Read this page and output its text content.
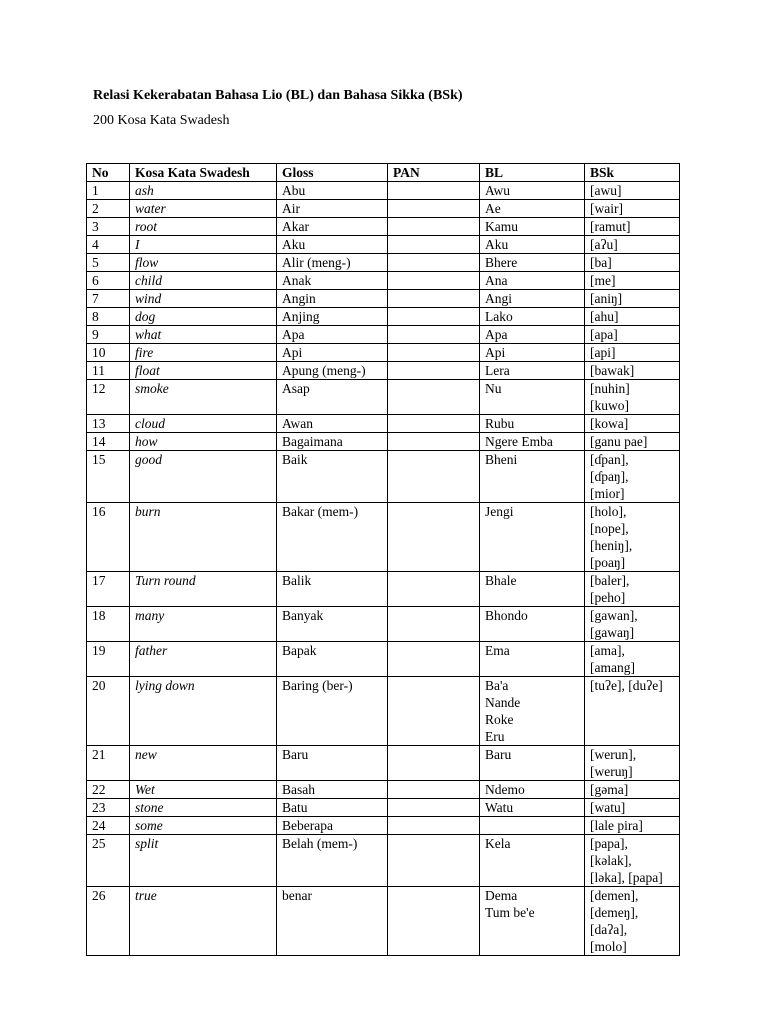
Relasi Kekerabatan Bahasa Lio (BL) dan Bahasa Sikka (BSk)

200 Kosa Kata Swadesh

No	Kosa Kata Swadesh	Gloss	PAN	BL	BSk
1	ash	Abu		Awu	[awu]

2	water	Air		Ae	[wair]

3	root	Akar		Kamu	[ramut]

4	I	Aku		Aku	[aʔu]

5	flow	Alir (meng-)		Bhere	[ba]

6	child	Anak		Ana	[me]

7	wind	Angin		Angi	[aniŋ]

8	dog	Anjing		Lako	[ahu]

9	what	Apa		Apa	[apa]

10	fire	Api		Api	[api]

11	float	Apung (meng-)		Lera	[bawak]

12	smoke	Asap		Nu	[nuhin]
[kuwo]

13	cloud	Awan		Rubu	[kowa]

14	how	Bagaimana		Ngere Emba	[ganu pae]

15	good	Baik		Bheni	[ɗpan],
[ɗpaŋ],
[mior]

16	burn	Bakar (mem-)		Jengi	[holo],
[nope],
[heniŋ],
[poaŋ]

17	Turn round	Balik		Bhale	[baler],
[peho]

18	many	Banyak		Bhondo	[gawan],
[gawaŋ]

19	father	Bapak		Ema	[ama],
[amang]

20	lying down	Baring (ber-)		Ba'a
Nande
Roke
Eru	[tuʔe], [duʔe]

21	new	Baru		Baru	[werun],
[weruŋ]

22	Wet	Basah		Ndemo	[gəma]

23	stone	Batu		Watu	[watu]

24	some	Beberapa			[lale pira]

25	split	Belah (mem-)		Kela	[papa],
[kəlak],
[ləka], [papa]

26	true	benar		Dema
Tum be'e	[demen],
[demeŋ],
[daʔa],
[molo]
